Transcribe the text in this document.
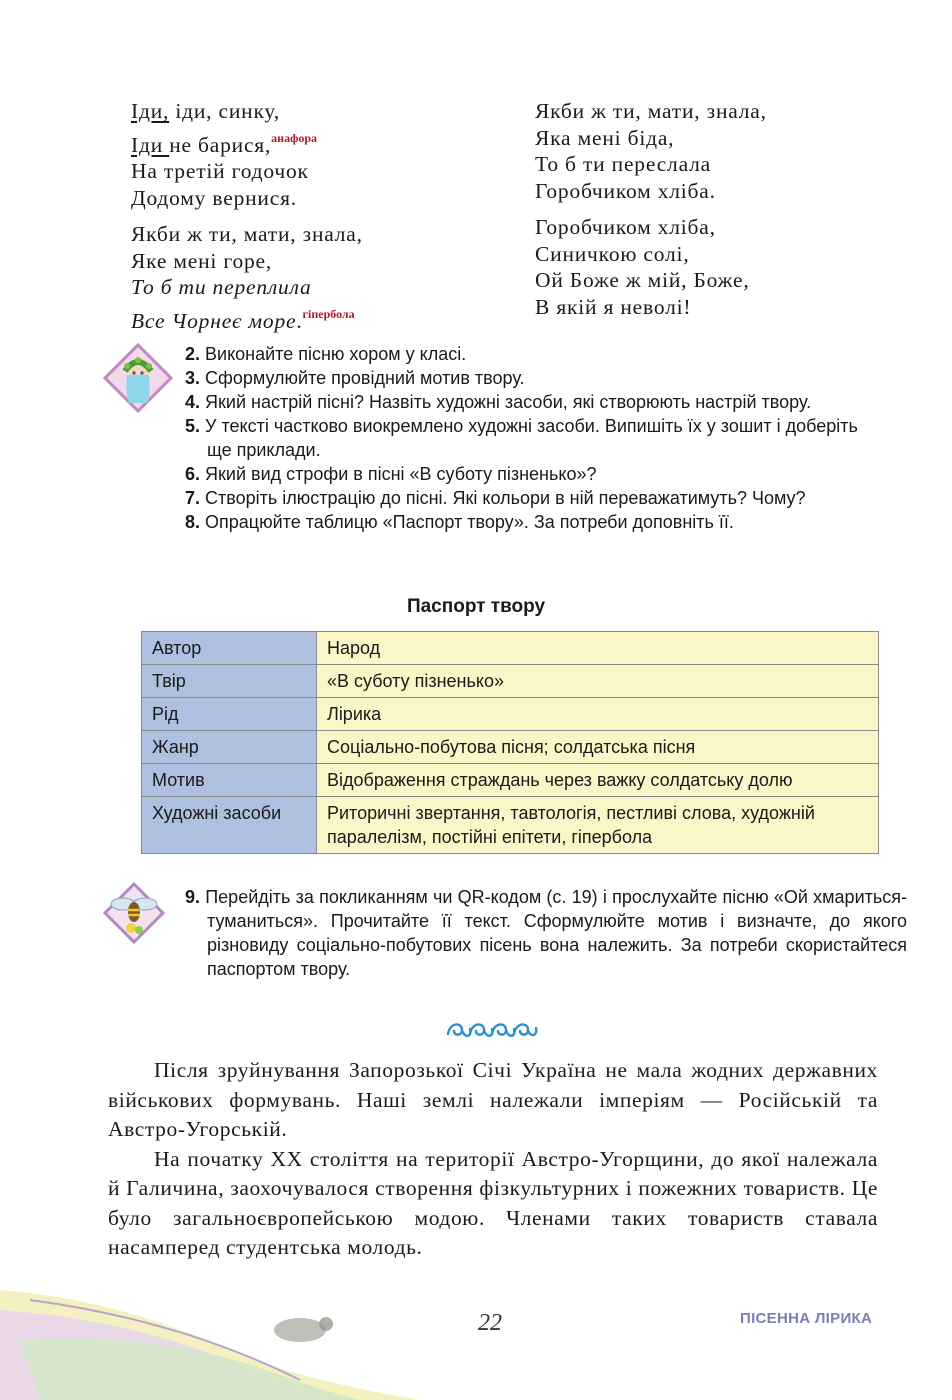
Іди, іди, синку,
Іди не барися,$^{анафора}$
На третій годочок
Додому вернися.
Якби ж ти, мати, знала,
Яке мені горе,
То б ти переплила
Все Чорнеє море.$^{гіпербола}$
Якби ж ти, мати, знала,
Яка мені біда,
То б ти переслала
Горобчиком хліба.
Горобчиком хліба,
Синичкою солі,
Ой Боже ж мій, Боже,
В якій я неволі!
2. Виконайте пісню хором у класі.
3. Сформулюйте провідний мотив твору.
4. Який настрій пісні? Назвіть художні засоби, які створюють настрій твору.
5. У тексті частково виокремлено художні засоби. Випишіть їх у зошит і доберіть ще приклади.
6. Який вид строфи в пісні «В суботу пізненько»?
7. Створіть ілюстрацію до пісні. Які кольори в ній переважатимуть? Чому?
8. Опрацюйте таблицю «Паспорт твору». За потреби доповніть її.
Паспорт твору
Автор	Народ
Твір	«В суботу пізненько»
Рід	Лірика
Жанр	Соціально-побутова пісня; солдатська пісня
Мотив	Відображення страждань через важку солдатську долю
Художні засоби	Риторичні звертання, тавтологія, пестливі слова, художній паралелізм, постійні епітети, гіпербола
9. Перейдіть за покликанням чи QR-кодом (с. 19) і прослухайте пісню «Ой хмариться-туманиться». Прочитайте її текст. Сформулюйте мотив і визначте, до якого різновиду соціально-побутових пісень вона належить. За потреби скористайтеся паспортом твору.

Після зруйнування Запорозької Січі Україна не мала жодних державних військових формувань. Наші землі належали імперіям — Російській та Австро-Угорській.

На початку XX століття на території Австро-Угорщини, до якої належала й Галичина, заохочувалося створення фізкультурних і пожежних товариств. Це було загальноєвропейською модою. Членами таких товариств ставала насамперед студентська молодь.

22	ПІСЕННА ЛІРИКА
